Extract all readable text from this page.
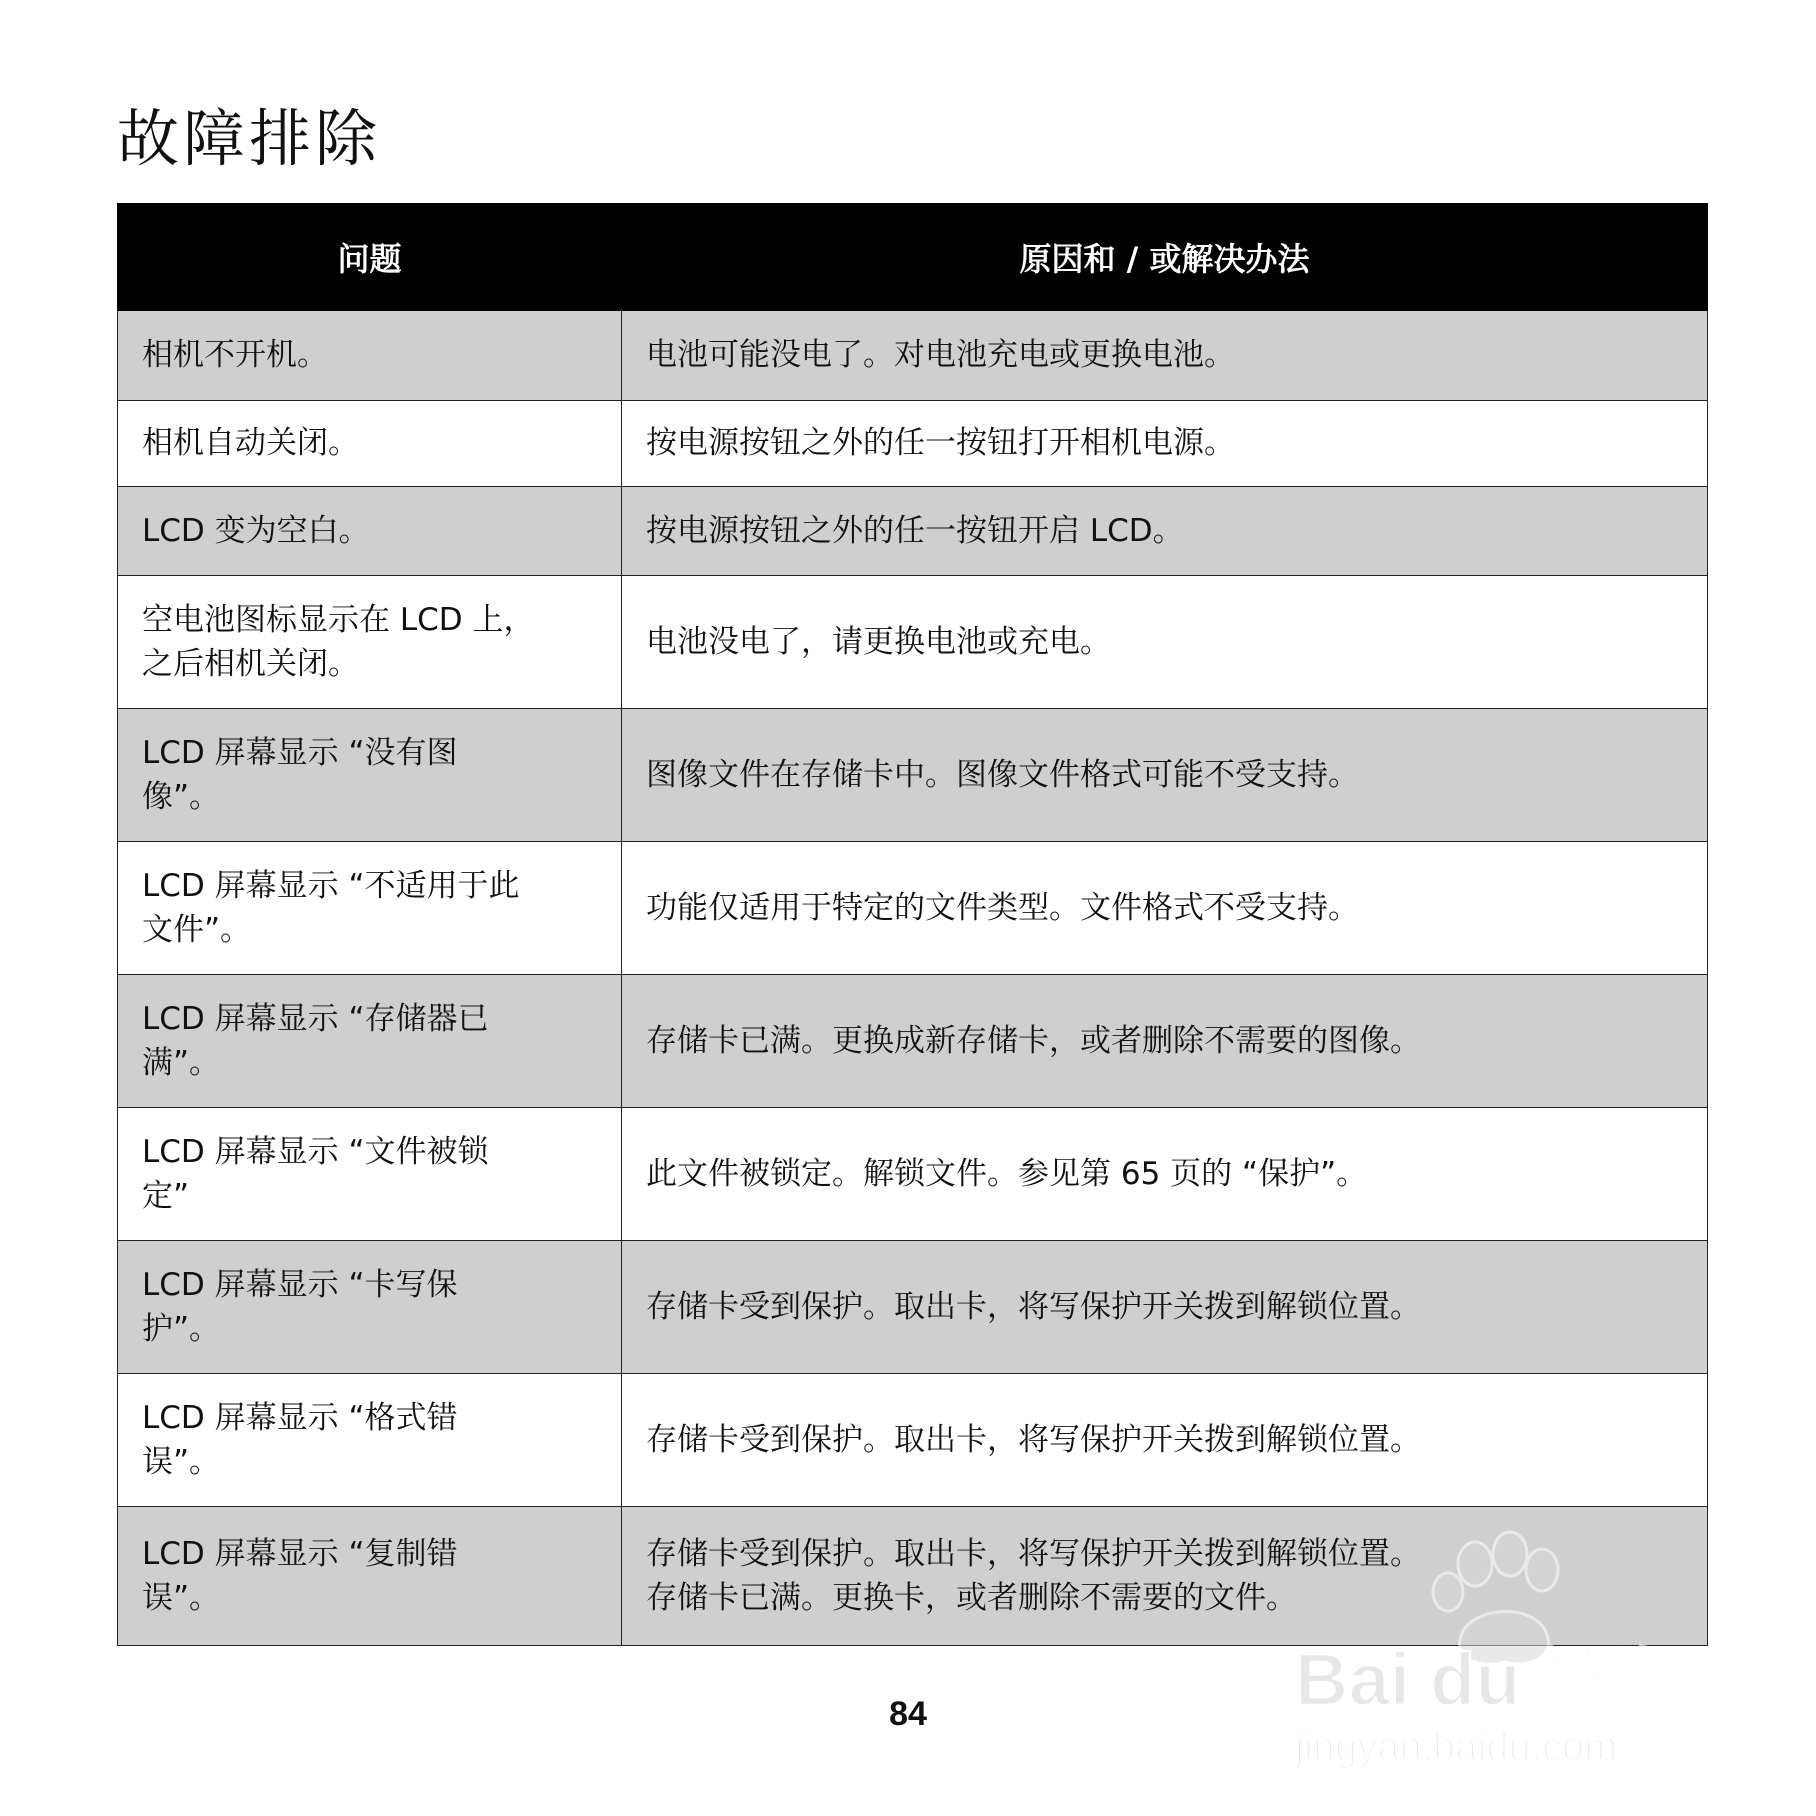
故障排除
问题	原因和 / 或解决办法

相机不开机。	电池可能没电了。对电池充电或更换电池。

相机自动关闭。	按电源按钮之外的任一按钮打开相机电源。

LCD 变为空白。	按电源按钮之外的任一按钮开启 LCD。

空电池图标显示在 LCD 上，
之后相机关闭。	电池没电了，请更换电池或充电。

LCD 屏幕显示 “没有图
像”。	图像文件在存储卡中。图像文件格式可能不受支持。

LCD 屏幕显示 “不适用于此
文件”。	功能仅适用于特定的文件类型。文件格式不受支持。

LCD 屏幕显示 “存储器已
满”。	存储卡已满。更换成新存储卡，或者删除不需要的图像。

LCD 屏幕显示 “文件被锁
定”	此文件被锁定。解锁文件。参见第 65 页的 “保护”。

LCD 屏幕显示 “卡写保
护”。	存储卡受到保护。取出卡，将写保护开关拨到解锁位置。

LCD 屏幕显示 “格式错
误”。	存储卡受到保护。取出卡，将写保护开关拨到解锁位置。

LCD 屏幕显示 “复制错
误”。	存储卡受到保护。取出卡，将写保护开关拨到解锁位置。
存储卡已满。更换卡，或者删除不需要的文件。

84	Bai du 经验
jingyan.baidu.com
